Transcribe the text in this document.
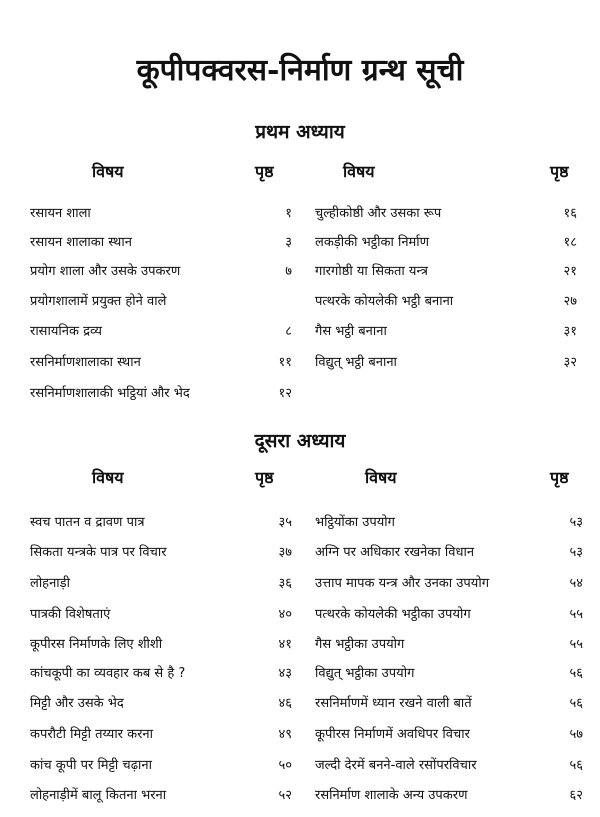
कूपीपक्वरस-निर्माण ग्रन्थ सूची
प्रथम अध्याय
विषय	पृष्ठ	विषय	पृष्ठ
रसायन शाला	१
रसायन शालाका स्थान	३
प्रयोग शाला और उसके उपकरण	७
प्रयोगशालामें प्रयुक्त होने वाले
रासायनिक द्रव्य	८
रसनिर्माणशालाका स्थान	११
रसनिर्माणशालाकी भट्ठियां और भेद	१२
चुल्हीकोष्ठी और उसका रूप	१६
लकड़ीकी भट्ठीका निर्माण	१८
गारगोष्ठी या सिकता यन्त्र	२१
पत्थरके कोयलेकी भट्ठी बनाना	२७
गैस भट्ठी बनाना	३१
विद्युत् भट्ठी बनाना	३२
दूसरा अध्याय
विषय	पृष्ठ	विषय	पृष्ठ
स्वच पातन व द्रावण पात्र	३५
सिकता यन्त्रके पात्र पर विचार	३७
लोहनाड़ी	३६
पात्रकी विशेषताएं	४०
कूपीरस निर्माणके लिए शीशी	४१
कांचकूपी का व्यवहार कब से है ?	४३
मिट्टी और उसके भेद	४६
कपरौटी मिट्टी तय्यार करना	४९
कांच कूपी पर मिट्टी चढ़ाना	५०
लोहनाड़ीमें बालू कितना भरना	५२
भट्ठियोंका उपयोग	५३
अग्नि पर अधिकार रखनेका विधान	५३
उत्ताप मापक यन्त्र और उनका उपयोग	५४
पत्थरके कोयलेकी भट्ठीका उपयोग	५५
गैस भट्ठीका उपयोग	५५
विद्युत् भट्ठीका उपयोग	५६
रसनिर्माणमें ध्यान रखने वाली बातें	५६
कूपीरस निर्माणमें अवधिपर विचार	५७
जल्दी देरमें बनने-वाले रसोंपरविचार	५६
रसनिर्माण शालाके अन्य उपकरण	६२
